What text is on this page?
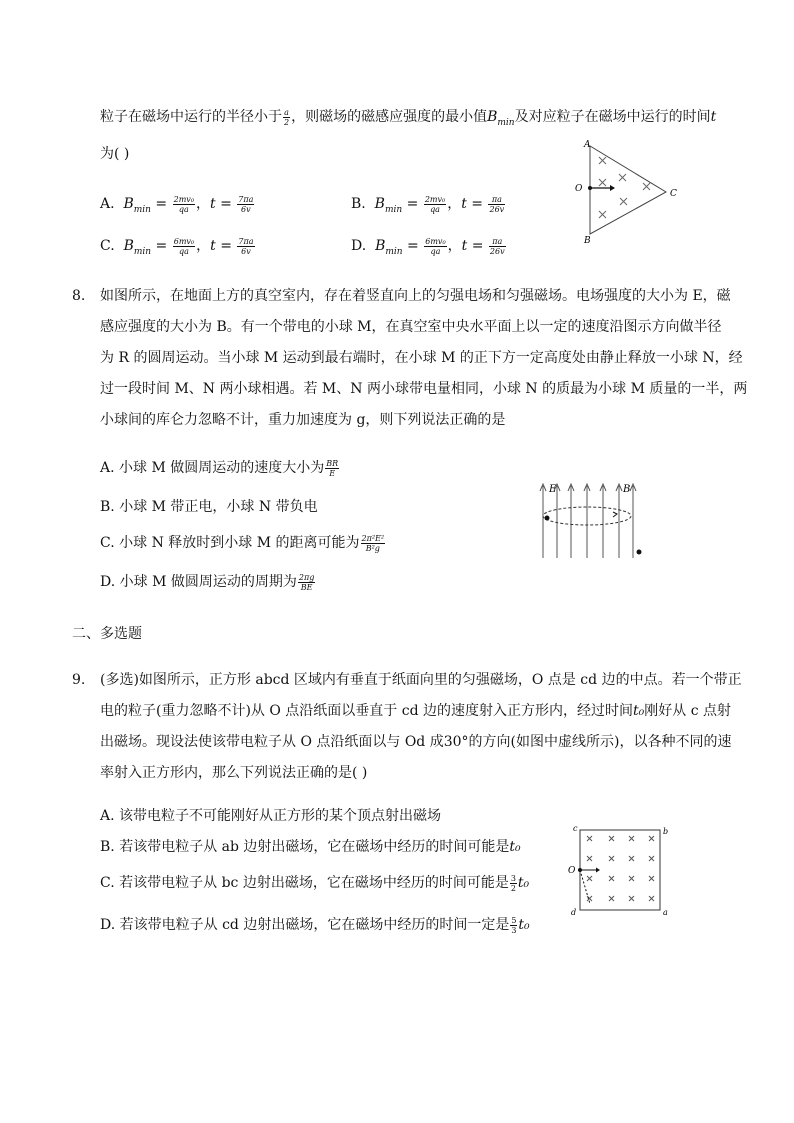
粒子在磁场中运行的半径小于 $\frac{a}{2}$ ，则磁场的磁感应强度的最小值$B_{min}$及对应粒子在磁场中运行的时间t
为( )
A. $B_{min} = \frac{\text{2mv₀}}{qa}$ ，$t = \frac{7\pi a}{6v}$	B. $B_{min} = \frac{\text{2mv₀}}{qa}$ ，$t = \frac{\pi a}{26v}$
C. $B_{min} = \frac{\text{6mv₀}}{qa}$ ，$t = \frac{7\pi a}{6v}$	D. $B_{min} = \frac{\text{6mv₀}}{qa}$ ，$t = \frac{\pi a}{26v}$
A
B
C
O
8. 如图所示，在地面上方的真空室内，存在着竖直向上的匀强电场和匀强磁场。电场强度的大小为 E，磁
感应强度的大小为 B。有一个带电的小球 M，在真空室中央水平面上以一定的速度沿图示方向做半径
为 R 的圆周运动。当小球 M 运动到最右端时，在小球 M 的正下方一定高度处由静止释放一小球 N，经
过一段时间 M、N 两小球相遇。若 M、N 两小球带电量相同，小球 N 的质最为小球 M 质量的一半，两
小球间的库仑力忽略不计，重力加速度为 g，则下列说法正确的是
A. 小球 M 做圆周运动的速度大小为 $\frac{BR}{E}$
B. 小球 M 带正电，小球 N 带负电
C. 小球 N 释放时到小球 M 的距离可能为 $\frac{\text{2π²E²}}{\text{B²g}}$
D. 小球 M 做圆周运动的周期为 $\frac{2\pi g}{BE}$
E	B
二、多选题
9. (多选)如图所示，正方形 abcd 区域内有垂直于纸面向里的匀强磁场，O 点是 cd 边的中点。若一个带正
电的粒子(重力忽略不计)从 O 点沿纸面以垂直于 cd 边的速度射入正方形内，经过时间t₀刚好从 c 点射
出磁场。现设法使该带电粒子从 O 点沿纸面以与 Od 成30°的方向(如图中虚线所示)，以各种不同的速
率射入正方形内，那么下列说法正确的是( )
A. 该带电粒子不可能刚好从正方形的某个顶点射出磁场
B. 若该带电粒子从 ab 边射出磁场，它在磁场中经历的时间可能是t₀
C. 若该带电粒子从 bc 边射出磁场，它在磁场中经历的时间可能是 $\frac{3}{2} t_0$
D. 若该带电粒子从 cd 边射出磁场，它在磁场中经历的时间一定是 $\frac{5}{3} t_0$
c	b
d	a
O
